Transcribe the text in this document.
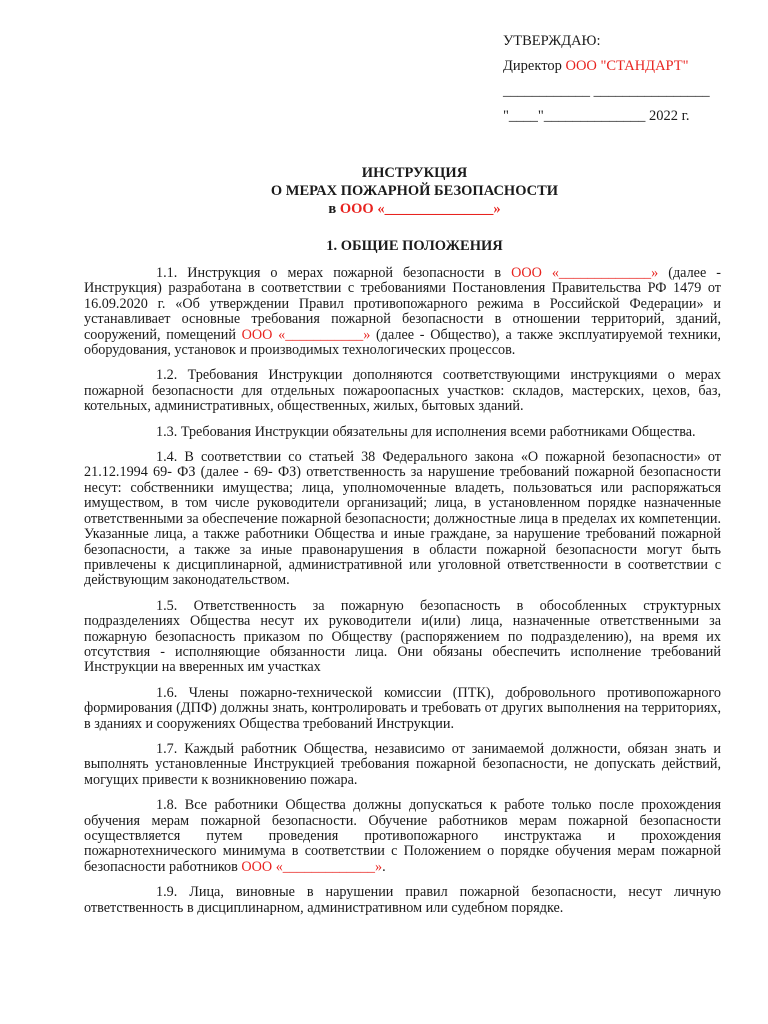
УТВЕРЖДАЮ:
Директор ООО "СТАНДАРТ"
____________ ________________
"____"______________ 2022 г.
ИНСТРУКЦИЯ
О МЕРАХ ПОЖАРНОЙ БЕЗОПАСНОСТИ
в ООО «_______________»
1. ОБЩИЕ ПОЛОЖЕНИЯ

1.1. Инструкция о мерах пожарной безопасности в ООО «_____________» (далее - Инструкция) разработана в соответствии с требованиями Постановления Правительства РФ 1479 от 16.09.2020 г. «Об утверждении Правил противопожарного режима в Российской Федерации» и устанавливает основные требования пожарной безопасности в отношении территорий, зданий, сооружений, помещений ООО «___________» (далее - Общество), а также эксплуатируемой техники, оборудования, установок и производимых технологических процессов.

1.2. Требования Инструкции дополняются соответствующими инструкциями о мерах пожарной безопасности для отдельных пожароопасных участков: складов, мастерских, цехов, баз, котельных, административных, общественных, жилых, бытовых зданий.

1.3. Требования Инструкции обязательны для исполнения всеми работниками Общества.

1.4. В соответствии со статьей 38 Федерального закона «О пожарной безопасности» от 21.12.1994 69- ФЗ (далее - 69- ФЗ) ответственность за нарушение требований пожарной безопасности несут: собственники имущества; лица, уполномоченные владеть, пользоваться или распоряжаться имуществом, в том числе руководители организаций; лица, в установленном порядке назначенные ответственными за обеспечение пожарной безопасности; должностные лица в пределах их компетенции. Указанные лица, а также работники Общества и иные граждане, за нарушение требований пожарной безопасности, а также за иные правонарушения в области пожарной безопасности могут быть привлечены к дисциплинарной, административной или уголовной ответственности в соответствии с действующим законодательством.

1.5. Ответственность за пожарную безопасность в обособленных структурных подразделениях Общества несут их руководители и(или) лица, назначенные ответственными за пожарную безопасность приказом по Обществу (распоряжением по подразделению), на время их отсутствия - исполняющие обязанности лица. Они обязаны обеспечить исполнение требований Инструкции на вверенных им участках

1.6. Члены пожарно-технической комиссии (ПТК), добровольного противопожарного формирования (ДПФ) должны знать, контролировать и требовать от других выполнения на территориях, в зданиях и сооружениях Общества требований Инструкции.

1.7. Каждый работник Общества, независимо от занимаемой должности, обязан знать и выполнять установленные Инструкцией требования пожарной безопасности, не допускать действий, могущих привести к возникновению пожара.

1.8. Все работники Общества должны допускаться к работе только после прохождения обучения мерам пожарной безопасности. Обучение работников мерам пожарной безопасности осуществляется путем проведения противопожарного инструктажа и прохождения пожарнотехнического минимума в соответствии с Положением о порядке обучения мерам пожарной безопасности работников ООО «_____________».

1.9. Лица, виновные в нарушении правил пожарной безопасности, несут личную ответственность в дисциплинарном, административном или судебном порядке.
